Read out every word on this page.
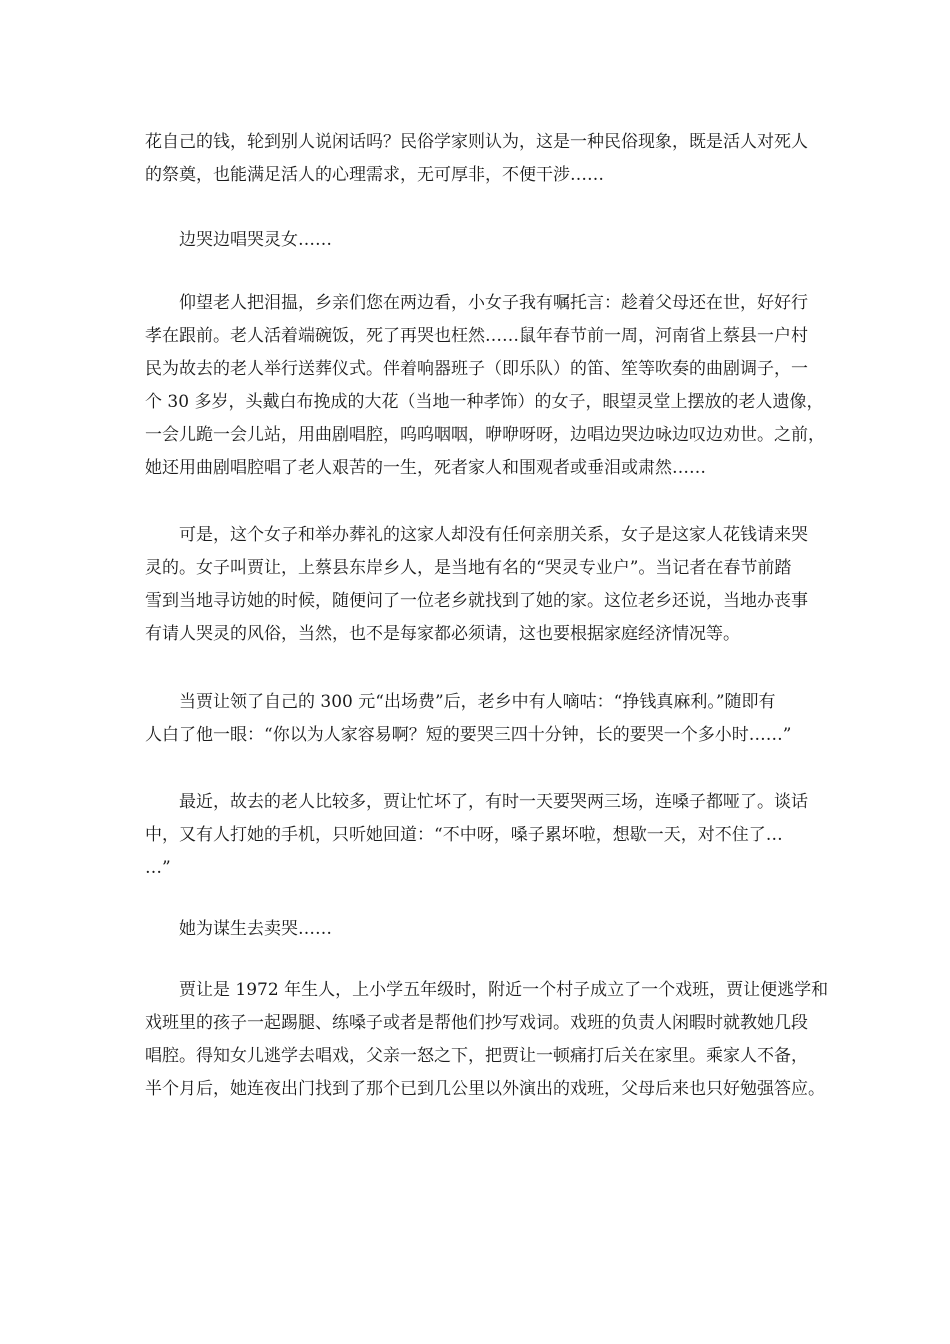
花自己的钱，轮到别人说闲话吗？民俗学家则认为，这是一种民俗现象，既是活人对死人
的祭奠，也能满足活人的心理需求，无可厚非，不便干涉……
边哭边唱哭灵女……
仰望老人把泪揾，乡亲们您在两边看，小女子我有嘱托言：趁着父母还在世，好好行
孝在跟前。老人活着端碗饭，死了再哭也枉然……鼠年春节前一周，河南省上蔡县一户村
民为故去的老人举行送葬仪式。伴着响器班子（即乐队）的笛、笙等吹奏的曲剧调子，一
个 30 多岁，头戴白布挽成的大花（当地一种孝饰）的女子，眼望灵堂上摆放的老人遗像，
一会儿跪一会儿站，用曲剧唱腔，呜呜咽咽，咿咿呀呀，边唱边哭边咏边叹边劝世。之前，
她还用曲剧唱腔唱了老人艰苦的一生，死者家人和围观者或垂泪或肃然……
可是，这个女子和举办葬礼的这家人却没有任何亲朋关系，女子是这家人花钱请来哭
灵的。女子叫贾让，上蔡县东岸乡人，是当地有名的“哭灵专业户”。当记者在春节前踏
雪到当地寻访她的时候，随便问了一位老乡就找到了她的家。这位老乡还说，当地办丧事
有请人哭灵的风俗，当然，也不是每家都必须请，这也要根据家庭经济情况等。
当贾让领了自己的 300 元“出场费”后，老乡中有人嘀咕：“挣钱真麻利。”随即有
人白了他一眼：“你以为人家容易啊？短的要哭三四十分钟，长的要哭一个多小时……”
最近，故去的老人比较多，贾让忙坏了，有时一天要哭两三场，连嗓子都哑了。谈话
中，又有人打她的手机，只听她回道：“不中呀，嗓子累坏啦，想歇一天，对不住了…
…”
她为谋生去卖哭……
贾让是 1972 年生人，上小学五年级时，附近一个村子成立了一个戏班，贾让便逃学和
戏班里的孩子一起踢腿、练嗓子或者是帮他们抄写戏词。戏班的负责人闲暇时就教她几段
唱腔。得知女儿逃学去唱戏，父亲一怒之下，把贾让一顿痛打后关在家里。乘家人不备，
半个月后，她连夜出门找到了那个已到几公里以外演出的戏班，父母后来也只好勉强答应。
